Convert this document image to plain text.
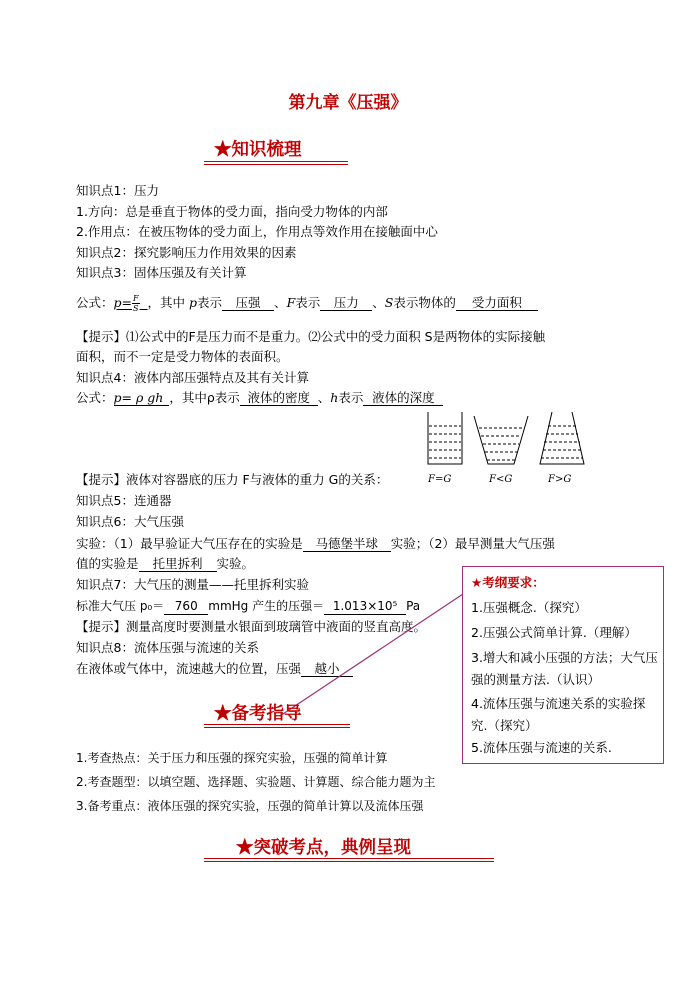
第九章《压强》
★知识梳理
知识点1：压力
1.方向：总是垂直于物体的受力面，指向受力物体的内部
2.作用点：在被压物体的受力面上，作用点等效作用在接触面中心
知识点2：探究影响压力作用效果的因素
知识点3：固体压强及有关计算
公式：$p= \frac{F}{S}$ ，其中 p表示 压强 、F表示 压力 、S表示物体的 受力面积
【提示】⑴公式中的F是压力而不是重力。⑵公式中的受力面积 S是两物体的实际接触
面积，而不一定是受力物体的表面积。
知识点4：液体内部压强特点及其有关计算
公式：p= ρ gh ，其中ρ表示 液体的密度 、h表示 液体的深度
F=G	F<G	F>G
【提示】液体对容器底的压力 F与液体的重力 G的关系：
知识点5：连通器
知识点6：大气压强
实验：（1）最早验证大气压存在的实验是 马德堡半球 实验；（2）最早测量大气压强
值的实验是 托里拆利 实验。
知识点7：大气压的测量——托里拆利实验
标准大气压 p₀＝ 760 mmHg 产生的压强＝ 1.013×10⁵ Pa
【提示】测量高度时要测量水银面到玻璃管中液面的竖直高度。
知识点8：流体压强与流速的关系
在液体或气体中，流速越大的位置，压强 越小
★考纲要求：
1.压强概念.（探究）
2.压强公式简单计算.（理解）
3.增大和减小压强的方法；大气压强的测量方法.（认识）
4.流体压强与流速关系的实验探究.（探究）
5.流体压强与流速的关系.
★备考指导
1.考查热点：关于压力和压强的探究实验，压强的简单计算
2.考查题型：以填空题、选择题、实验题、计算题、综合能力题为主
3.备考重点：液体压强的探究实验，压强的简单计算以及流体压强
★突破考点，典例呈现
